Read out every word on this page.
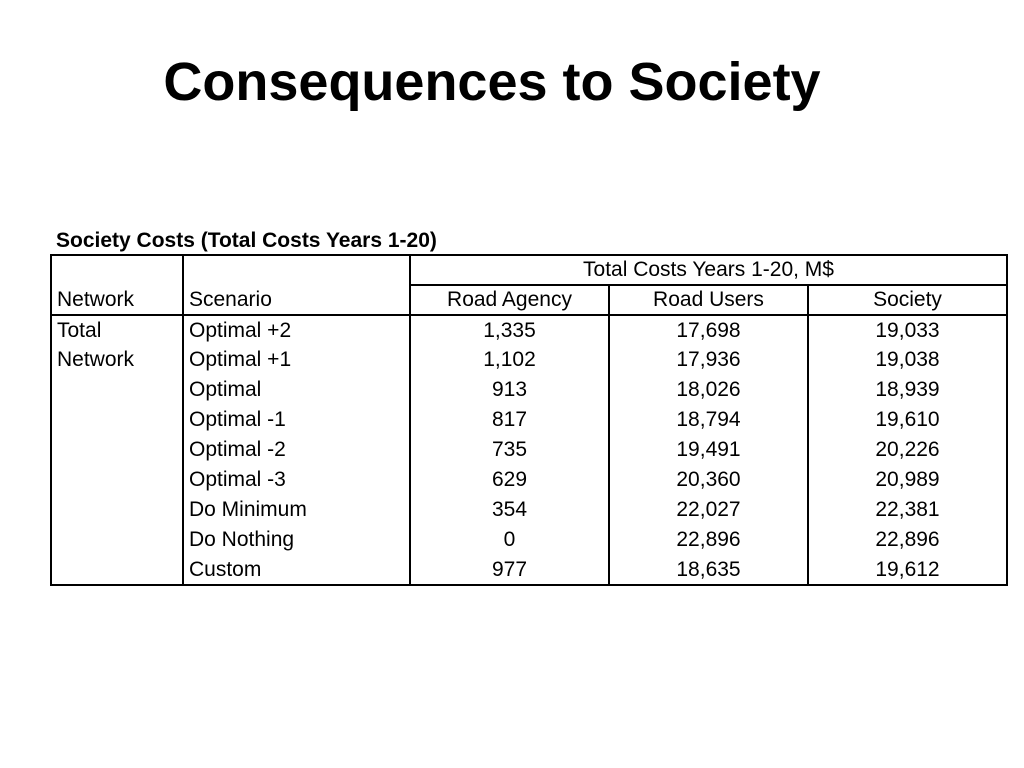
Consequences to Society
Society Costs (Total Costs Years 1-20)
		Total Costs Years 1-20, M$		
Network	Scenario	Road Agency	Road Users	Society
Total	Optimal +2	1,335	17,698	19,033
Network	Optimal +1	1,102	17,936	19,038
	Optimal	913	18,026	18,939
	Optimal -1	817	18,794	19,610
	Optimal -2	735	19,491	20,226
	Optimal -3	629	20,360	20,989
	Do Minimum	354	22,027	22,381
	Do Nothing	0	22,896	22,896
	Custom	977	18,635	19,612
